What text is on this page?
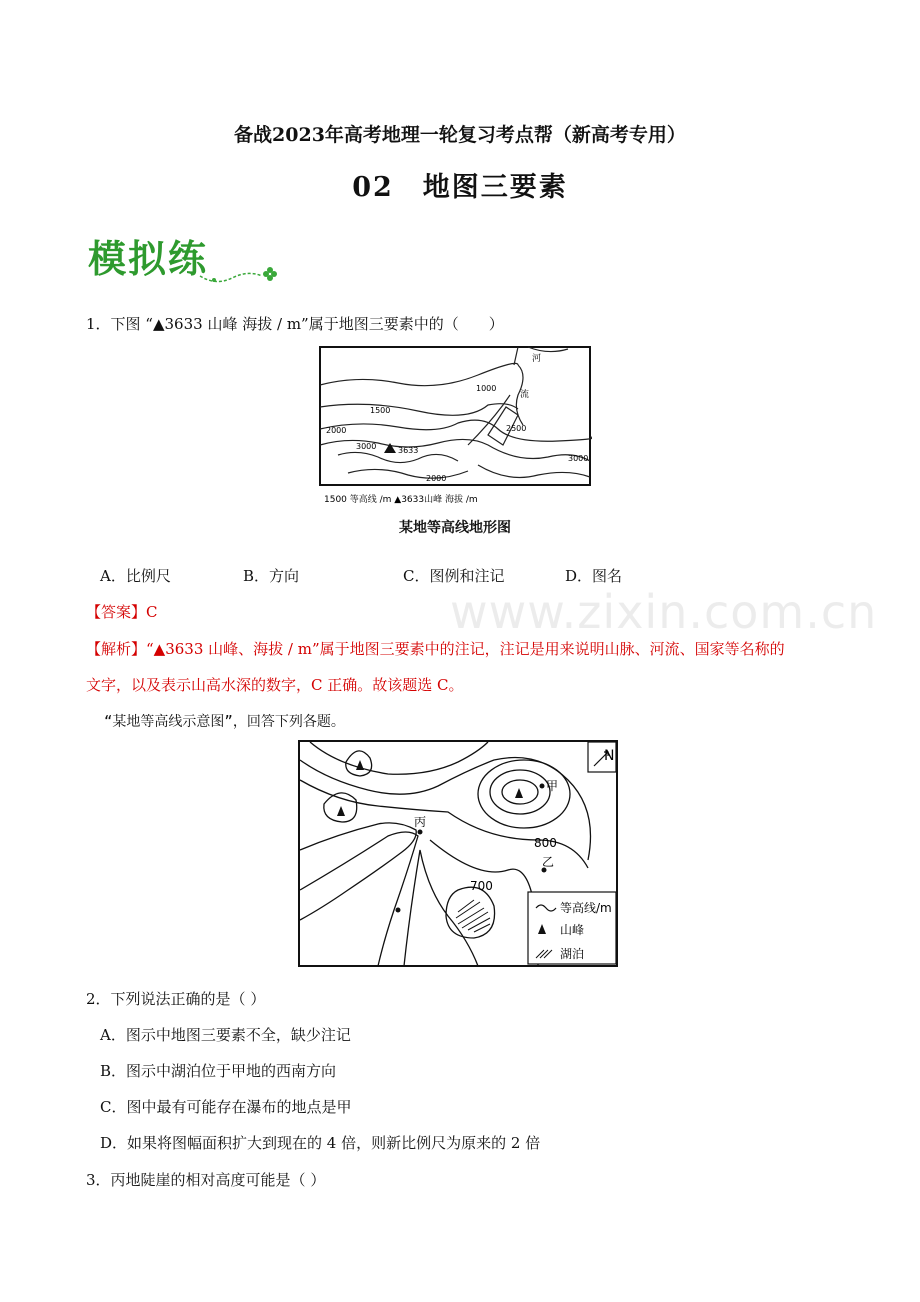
备战2023年高考地理一轮复习考点帮（新高考专用）
02　地图三要素
模拟练
1．下图 “▲3633 山峰 海拔 / m”属于地图三要素中的（　　）
3633
1000
1500
2000
3000
2500
2000
3000
河
流
1500 等高线 /m ▲3633山峰 海拔 /m
某地等高线地形图
A．比例尺	B．方向	C．图例和注记	D．图名
www.zixin.com.cn
【答案】C
【解析】“▲3633 山峰、海拔 / m”属于地图三要素中的注记，注记是用来说明山脉、河流、国家等名称的
文字，以及表示山高水深的数字，C 正确。故该题选 C。
“某地等高线示意图”，回答下列各题。
甲
丙
乙
800
700
N
等高线/m
山峰
湖泊
2．下列说法正确的是（ ）
A．图示中地图三要素不全，缺少注记
B．图示中湖泊位于甲地的西南方向
C．图中最有可能存在瀑布的地点是甲
D．如果将图幅面积扩大到现在的 4 倍，则新比例尺为原来的 2 倍
3．丙地陡崖的相对高度可能是（ ）
